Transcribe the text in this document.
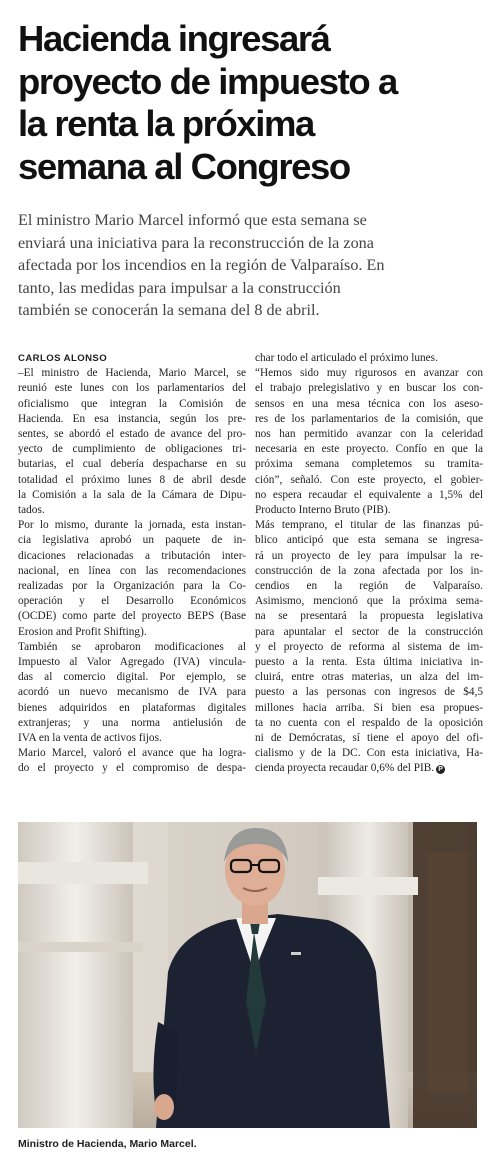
Hacienda ingresará
proyecto de impuesto a
la renta la próxima
semana al Congreso

El ministro Mario Marcel informó que esta semana se
enviará una iniciativa para la reconstrucción de la zona
afectada por los incendios en la región de Valparaíso. En
tanto, las medidas para impulsar a la construcción
también se conocerán la semana del 8 de abril.

CARLOS ALONSO
–El ministro de Hacienda, Mario Marcel, se
reunió este lunes con los parlamentarios del
oficialismo que integran la Comisión de
Hacienda. En esa instancia, según los pre-
sentes, se abordó el estado de avance del pro-
yecto de cumplimiento de obligaciones tri-
butarias, el cual debería despacharse en su
totalidad el próximo lunes 8 de abril desde
la Comisión a la sala de la Cámara de Dipu-
tados.
Por lo mismo, durante la jornada, esta instan-
cia legislativa aprobó un paquete de in-
dicaciones relacionadas a tributación inter-
nacional, en línea con las recomendaciones
realizadas por la Organización para la Co-
operación y el Desarrollo Económicos
(OCDE) como parte del proyecto BEPS (Base
Erosion and Profit Shifting).
También se aprobaron modificaciones al
Impuesto al Valor Agregado (IVA) vincula-
das al comercio digital. Por ejemplo, se
acordó un nuevo mecanismo de IVA para
bienes adquiridos en plataformas digitales
extranjeras; y una norma antielusión de
IVA en la venta de activos fijos.
Mario Marcel, valoró el avance que ha logra-
do el proyecto y el compromiso de despa-
char todo el articulado el próximo lunes.
“Hemos sido muy rigurosos en avanzar con
el trabajo prelegislativo y en buscar los con-
sensos en una mesa técnica con los aseso-
res de los parlamentarios de la comisión, que
nos han permitido avanzar con la celeridad
necesaria en este proyecto. Confío en que la
próxima semana completemos su tramita-
ción”, señaló. Con este proyecto, el gobier-
no espera recaudar el equivalente a 1,5% del
Producto Interno Bruto (PIB).
Más temprano, el titular de las finanzas pú-
blico anticipó que esta semana se ingresa-
rá un proyecto de ley para impulsar la re-
construcción de la zona afectada por los in-
cendios en la región de Valparaíso.
Asimismo, mencionó que la próxima sema-
na se presentará la propuesta legislativa
para apuntalar el sector de la construcción
y el proyecto de reforma al sistema de im-
puesto a la renta. Esta última iniciativa in-
cluirá, entre otras materias, un alza del im-
puesto a las personas con ingresos de $4,5
millones hacia arriba. Si bien esa propues-
ta no cuenta con el respaldo de la oposición
ni de Demócratas, sí tiene el apoyo del ofi-
cialismo y de la DC. Con esta iniciativa, Ha-
cienda proyecta recaudar 0,6% del PIB. P
Ministro de Hacienda, Mario Marcel.
